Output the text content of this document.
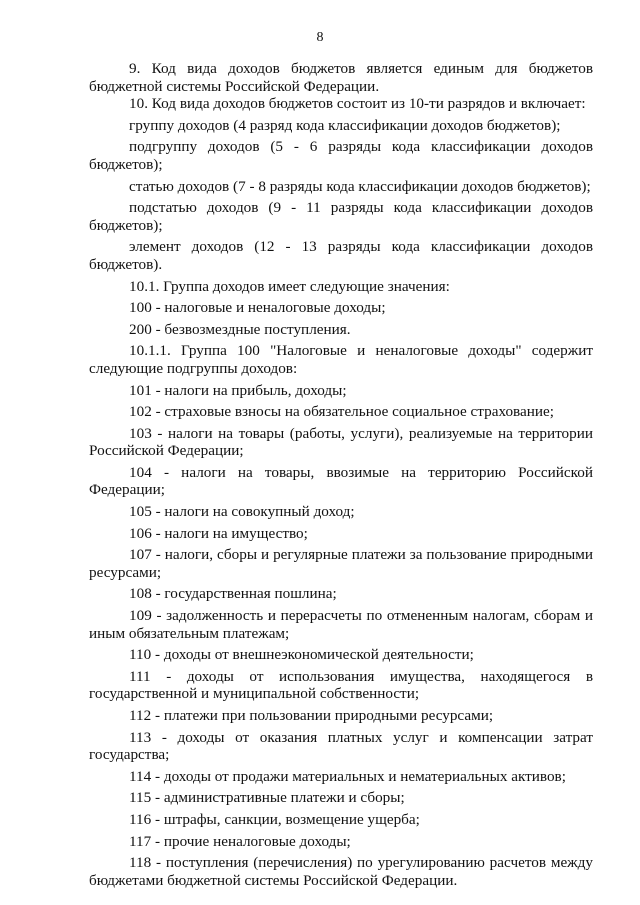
8

9. Код вида доходов бюджетов является единым для бюджетов бюджетной системы Российской Федерации.

10. Код вида доходов бюджетов состоит из 10-ти разрядов и включает:

группу доходов (4 разряд кода классификации доходов бюджетов);

подгруппу доходов (5 - 6 разряды кода классификации доходов бюджетов);

статью доходов (7 - 8 разряды кода классификации доходов бюджетов);

подстатью доходов (9 - 11 разряды кода классификации доходов бюджетов);

элемент доходов (12 - 13 разряды кода классификации доходов бюджетов).

10.1. Группа доходов имеет следующие значения:

100 - налоговые и неналоговые доходы;

200 - безвозмездные поступления.

10.1.1. Группа 100 "Налоговые и неналоговые доходы" содержит следующие подгруппы доходов:

101 - налоги на прибыль, доходы;

102 - страховые взносы на обязательное социальное страхование;

103 - налоги на товары (работы, услуги), реализуемые на территории Российской Федерации;

104 - налоги на товары, ввозимые на территорию Российской Федерации;

105 - налоги на совокупный доход;

106 - налоги на имущество;

107 - налоги, сборы и регулярные платежи за пользование природными ресурсами;

108 - государственная пошлина;

109 - задолженность и перерасчеты по отмененным налогам, сборам и иным обязательным платежам;

110 - доходы от внешнеэкономической деятельности;

111 - доходы от использования имущества, находящегося в государственной и муниципальной собственности;

112 - платежи при пользовании природными ресурсами;

113 - доходы от оказания платных услуг и компенсации затрат государства;

114 - доходы от продажи материальных и нематериальных активов;

115 - административные платежи и сборы;

116 - штрафы, санкции, возмещение ущерба;

117 - прочие неналоговые доходы;

118 - поступления (перечисления) по урегулированию расчетов между бюджетами бюджетной системы Российской Федерации.
